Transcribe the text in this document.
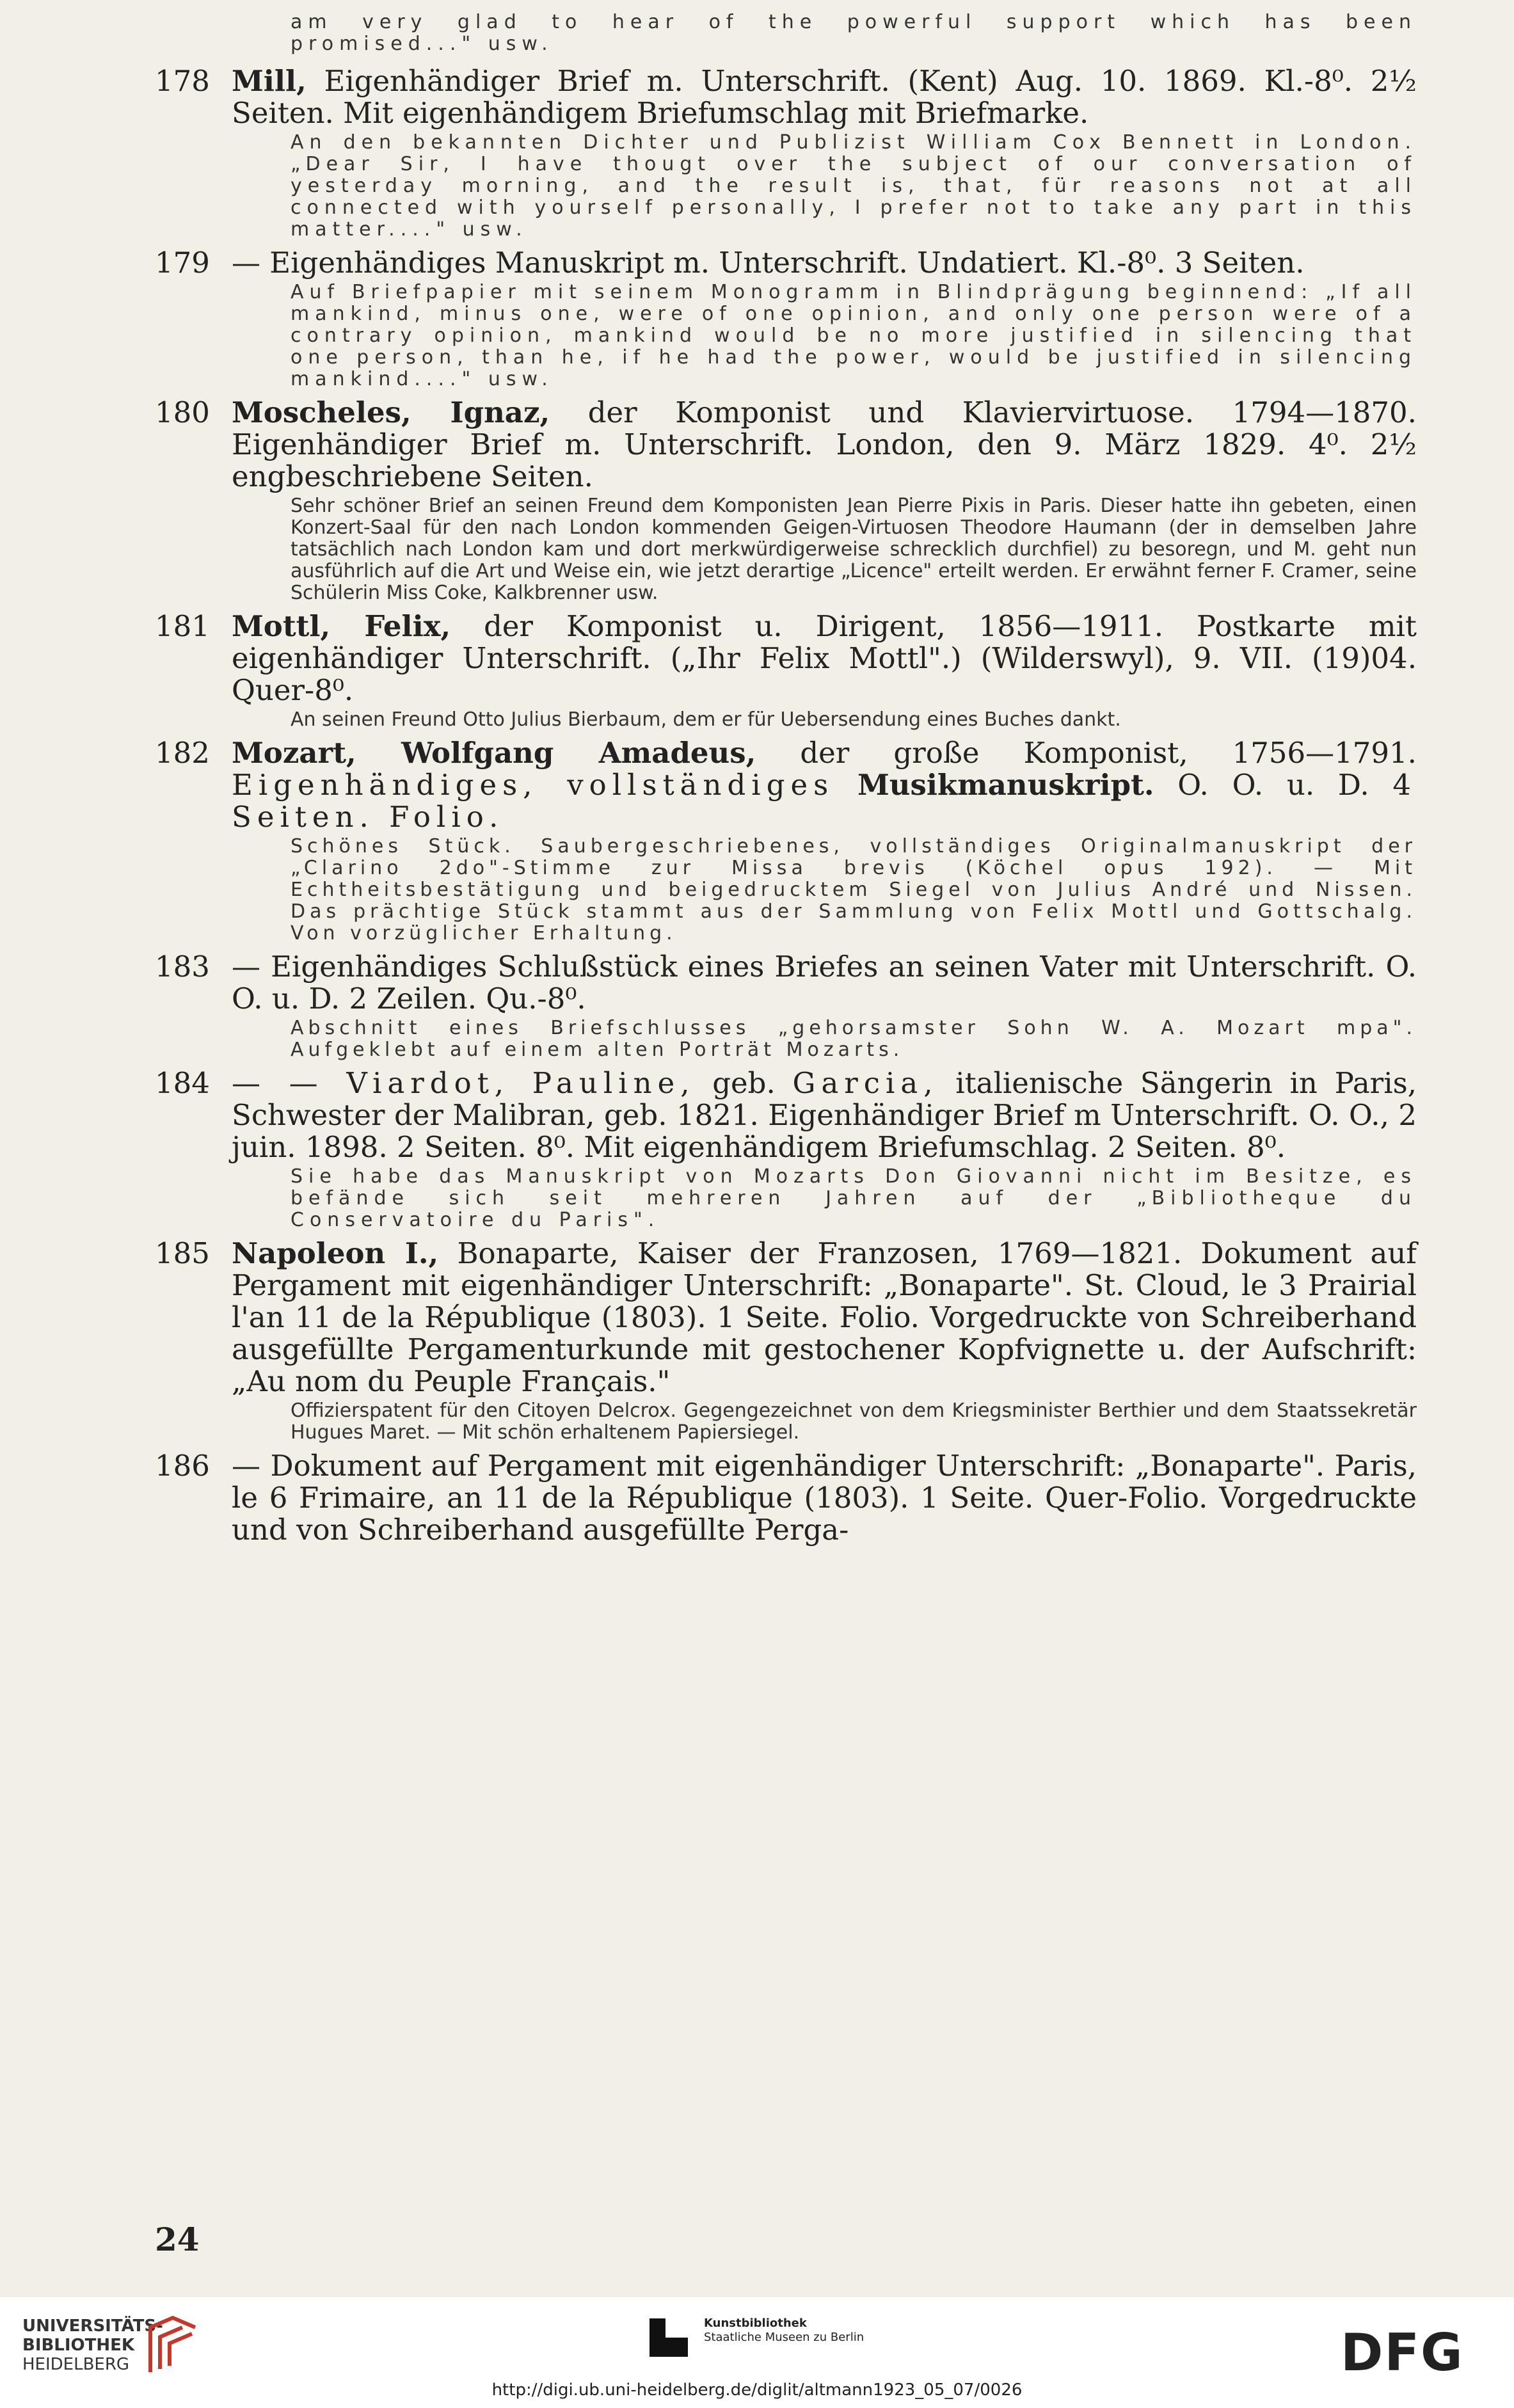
am very glad to hear of the powerful support which has been promised..." usw.
178 Mill, Eigenhändiger Brief m. Unterschrift. (Kent) Aug. 10. 1869. Kl.-8⁰. 2½ Seiten. Mit eigenhändigem Briefumschlag mit Briefmarke.
An den bekannten Dichter und Publizist William Cox Bennett in London. „Dear Sir, I have thougt over the subject of our conversation of yesterday morning, and the result is, that, für reasons not at all connected with yourself personally, I prefer not to take any part in this matter...." usw.
179 — Eigenhändiges Manuskript m. Unterschrift. Undatiert. Kl.-8⁰. 3 Seiten.
Auf Briefpapier mit seinem Monogramm in Blindprägung beginnend: „If all mankind, minus one, were of one opinion, and only one person were of a contrary opinion, mankind would be no more justified in silencing that one person, than he, if he had the power, would be justified in silencing mankind...." usw.
180 Moscheles, Ignaz, der Komponist und Klaviervirtuose. 1794—1870. Eigenhändiger Brief m. Unterschrift. London, den 9. März 1829. 4⁰. 2½ engbeschriebene Seiten.
Sehr schöner Brief an seinen Freund dem Komponisten Jean Pierre Pixis in Paris. Dieser hatte ihn gebeten, einen Konzert-Saal für den nach London kommenden Geigen-Virtuosen Theodore Haumann (der in demselben Jahre tatsächlich nach London kam und dort merkwürdigerweise schrecklich durchfiel) zu besoregn, und M. geht nun ausführlich auf die Art und Weise ein, wie jetzt derartige „Licence" erteilt werden. Er erwähnt ferner F. Cramer, seine Schülerin Miss Coke, Kalkbrenner usw.
181 Mottl, Felix, der Komponist u. Dirigent, 1856—1911. Postkarte mit eigenhändiger Unterschrift. („Ihr Felix Mottl".) (Wilderswyl), 9. VII. (19)04. Quer-8⁰.
An seinen Freund Otto Julius Bierbaum, dem er für Uebersendung eines Buches dankt.
182 Mozart, Wolfgang Amadeus, der große Komponist, 1756—1791. Eigenhändiges, vollständiges Musikmanuskript. O. O. u. D. 4 Seiten. Folio.
Schönes Stück. Saubergeschriebenes, vollständiges Originalmanuskript der „Clarino 2do"-Stimme zur Missa brevis (Köchel opus 192). — Mit Echtheitsbestätigung und beigedrucktem Siegel von Julius André und Nissen. Das prächtige Stück stammt aus der Sammlung von Felix Mottl und Gottschalg. Von vorzüglicher Erhaltung.
183 — Eigenhändiges Schlußstück eines Briefes an seinen Vater mit Unterschrift. O. O. u. D. 2 Zeilen. Qu.-8⁰.
Abschnitt eines Briefschlusses „gehorsamster Sohn W. A. Mozart mpa". Aufgeklebt auf einem alten Porträt Mozarts.
184 — — Viardot, Pauline, geb. Garcia, italienische Sängerin in Paris, Schwester der Malibran, geb. 1821. Eigenhändiger Brief m Unterschrift. O. O., 2 juin. 1898. 2 Seiten. 8⁰. Mit eigenhändigem Briefumschlag. 2 Seiten. 8⁰.
Sie habe das Manuskript von Mozarts Don Giovanni nicht im Besitze, es befände sich seit mehreren Jahren auf der „Bibliotheque du Conservatoire du Paris".
185 Napoleon I., Bonaparte, Kaiser der Franzosen, 1769—1821. Dokument auf Pergament mit eigenhändiger Unterschrift: „Bonaparte". St. Cloud, le 3 Prairial l'an 11 de la République (1803). 1 Seite. Folio. Vorgedruckte von Schreiberhand ausgefüllte Pergamenturkunde mit gestochener Kopfvignette u. der Aufschrift: „Au nom du Peuple Français."
Offizierspatent für den Citoyen Delcrox. Gegengezeichnet von dem Kriegsminister Berthier und dem Staatssekretär Hugues Maret. — Mit schön erhaltenem Papiersiegel.
186 — Dokument auf Pergament mit eigenhändiger Unterschrift: „Bonaparte". Paris, le 6 Frimaire, an 11 de la République (1803). 1 Seite. Quer-Folio. Vorgedruckte und von Schreiberhand ausgefüllte Perga-
24
UNIVERSITÄTS-
BIBLIOTHEK
HEIDELBERG
Kunstbibliothek
Staatliche Museen zu Berlin	DFG
http://digi.ub.uni-heidelberg.de/diglit/altmann1923_05_07/0026
